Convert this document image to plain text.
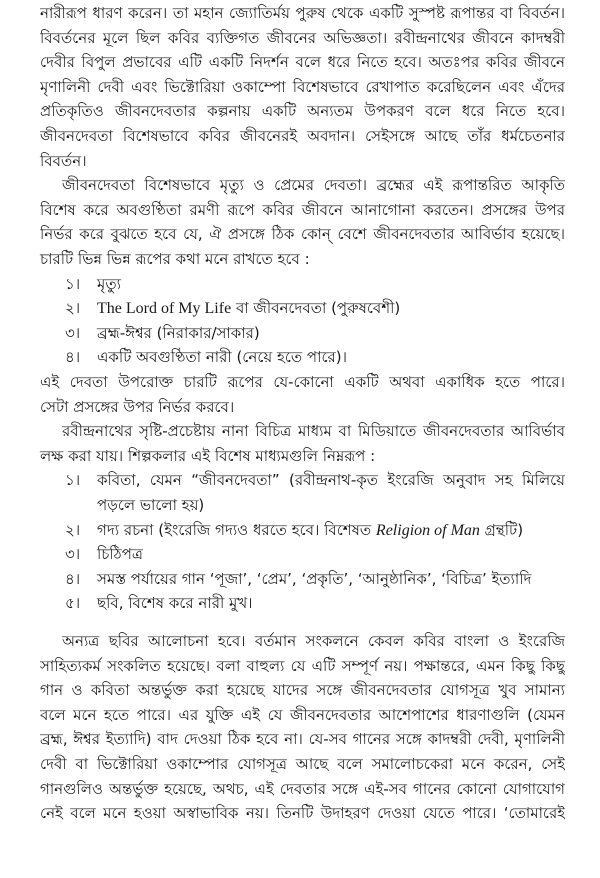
নারীরূপ ধারণ করেন। তা মহান জ্যোতির্ময় পুরুষ থেকে একটি সুস্পষ্ট রূপান্তর বা বিবর্তন।
বিবর্তনের মূলে ছিল কবির ব্যক্তিগত জীবনের অভিজ্ঞতা। রবীন্দ্রনাথের জীবনে কাদম্বরী
দেবীর বিপুল প্রভাবের এটি একটি নিদর্শন বলে ধরে নিতে হবে। অতঃপর কবির জীবনে
মৃণালিনী দেবী এবং ভিক্টোরিয়া ওকাম্পো বিশেষভাবে রেখাপাত করেছিলেন এবং এঁদের
প্রতিকৃতিও জীবনদেবতার কল্পনায় একটি অন্যতম উপকরণ বলে ধরে নিতে হবে।
জীবনদেবতা বিশেষভাবে কবির জীবনেরই অবদান। সেইসঙ্গে আছে তাঁর ধর্মচেতনার
বিবর্তন।
জীবনদেবতা বিশেষভাবে মৃত্যু ও প্রেমের দেবতা। ব্রহ্মের এই রূপান্তরিত আকৃতি
বিশেষ করে অবগুণ্ঠিতা রমণী রূপে কবির জীবনে আনাগোনা করতেন। প্রসঙ্গের উপর
নির্ভর করে বুঝতে হবে যে, ঐ প্রসঙ্গে ঠিক কোন্ বেশে জীবনদেবতার আবির্ভাব হয়েছে।
চারটি ভিন্ন ভিন্ন রূপের কথা মনে রাখতে হবে :
১। মৃত্যু
২। The Lord of My Life বা জীবনদেবতা (পুরুষবেশী)
৩। ব্রহ্ম-ঈশ্বর (নিরাকার/সাকার)
৪। একটি অবগুণ্ঠিতা নারী (নেয়ে হতে পারে)।
এই দেবতা উপরোক্ত চারটি রূপের যে-কোনো একটি অথবা একাধিক হতে পারে।
সেটা প্রসঙ্গের উপর নির্ভর করবে।
রবীন্দ্রনাথের সৃষ্টি-প্রচেষ্টায় নানা বিচিত্র মাধ্যম বা মিডিয়াতে জীবনদেবতার আবির্ভাব
লক্ষ করা যায়। শিল্পকলার এই বিশেষ মাধ্যমগুলি নিম্নরূপ :
১। কবিতা, যেমন “জীবনদেবতা” (রবীন্দ্রনাথ-কৃত ইংরেজি অনুবাদ সহ মিলিয়ে
পড়লে ভালো হয়)
২। গদ্য রচনা (ইংরেজি গদ্যও ধরতে হবে। বিশেষত Religion of Man গ্রন্থটি)
৩। চিঠিপত্র
৪। সমস্ত পর্যায়ের গান ‘পূজা’, ‘প্রেম’, ‘প্রকৃতি’, ‘আনুষ্ঠানিক’, ‘বিচিত্র’ ইত্যাদি
৫। ছবি, বিশেষ করে নারী মুখ।
অন্যত্র ছবির আলোচনা হবে। বর্তমান সংকলনে কেবল কবির বাংলা ও ইংরেজি
সাহিত্যকর্ম সংকলিত হয়েছে। বলা বাহুল্য যে এটি সম্পূর্ণ নয়। পক্ষান্তরে, এমন কিছু কিছু
গান ও কবিতা অন্তর্ভুক্ত করা হয়েছে যাদের সঙ্গে জীবনদেবতার যোগসূত্র খুব সামান্য
বলে মনে হতে পারে। এর যুক্তি এই যে জীবনদেবতার আশেপাশের ধারণাগুলি (যেমন
ব্রহ্ম, ঈশ্বর ইত্যাদি) বাদ দেওয়া ঠিক হবে না। যে-সব গানের সঙ্গে কাদম্বরী দেবী, মৃণালিনী
দেবী বা ভিক্টোরিয়া ওকাম্পোর যোগসূত্র আছে বলে সমালোচকেরা মনে করেন, সেই
গানগুলিও অন্তর্ভুক্ত হয়েছে, অথচ, এই দেবতার সঙ্গে এই-সব গানের কোনো যোগাযোগ
নেই বলে মনে হওয়া অস্বাভাবিক নয়। তিনটি উদাহরণ দেওয়া যেতে পারে। ‘তোমারেই
